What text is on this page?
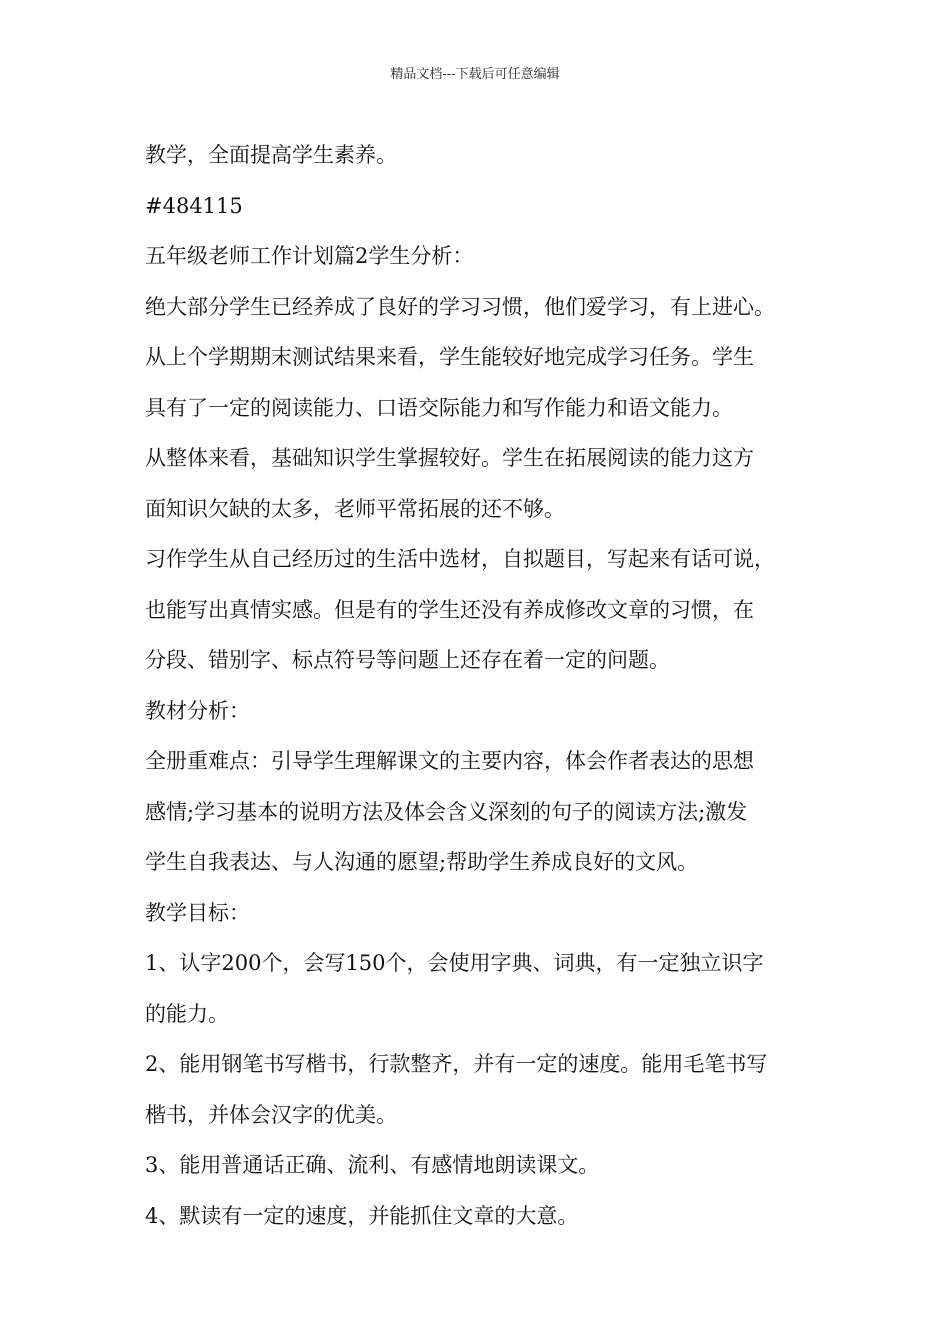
精品文档---下载后可任意编辑
教学，全面提高学生素养。
#484115
五年级老师工作计划篇2学生分析：
绝大部分学生已经养成了良好的学习习惯，他们爱学习，有上进心。
从上个学期期末测试结果来看，学生能较好地完成学习任务。学生
具有了一定的阅读能力、口语交际能力和写作能力和语文能力。
从整体来看，基础知识学生掌握较好。学生在拓展阅读的能力这方
面知识欠缺的太多，老师平常拓展的还不够。
习作学生从自己经历过的生活中选材，自拟题目，写起来有话可说，
也能写出真情实感。但是有的学生还没有养成修改文章的习惯，在
分段、错别字、标点符号等问题上还存在着一定的问题。
教材分析：
全册重难点：引导学生理解课文的主要内容，体会作者表达的思想
感情;学习基本的说明方法及体会含义深刻的句子的阅读方法;激发
学生自我表达、与人沟通的愿望;帮助学生养成良好的文风。
教学目标：
1、认字200个，会写150个，会使用字典、词典，有一定独立识字
的能力。
2、能用钢笔书写楷书，行款整齐，并有一定的速度。能用毛笔书写
楷书，并体会汉字的优美。
3、能用普通话正确、流利、有感情地朗读课文。
4、默读有一定的速度，并能抓住文章的大意。
